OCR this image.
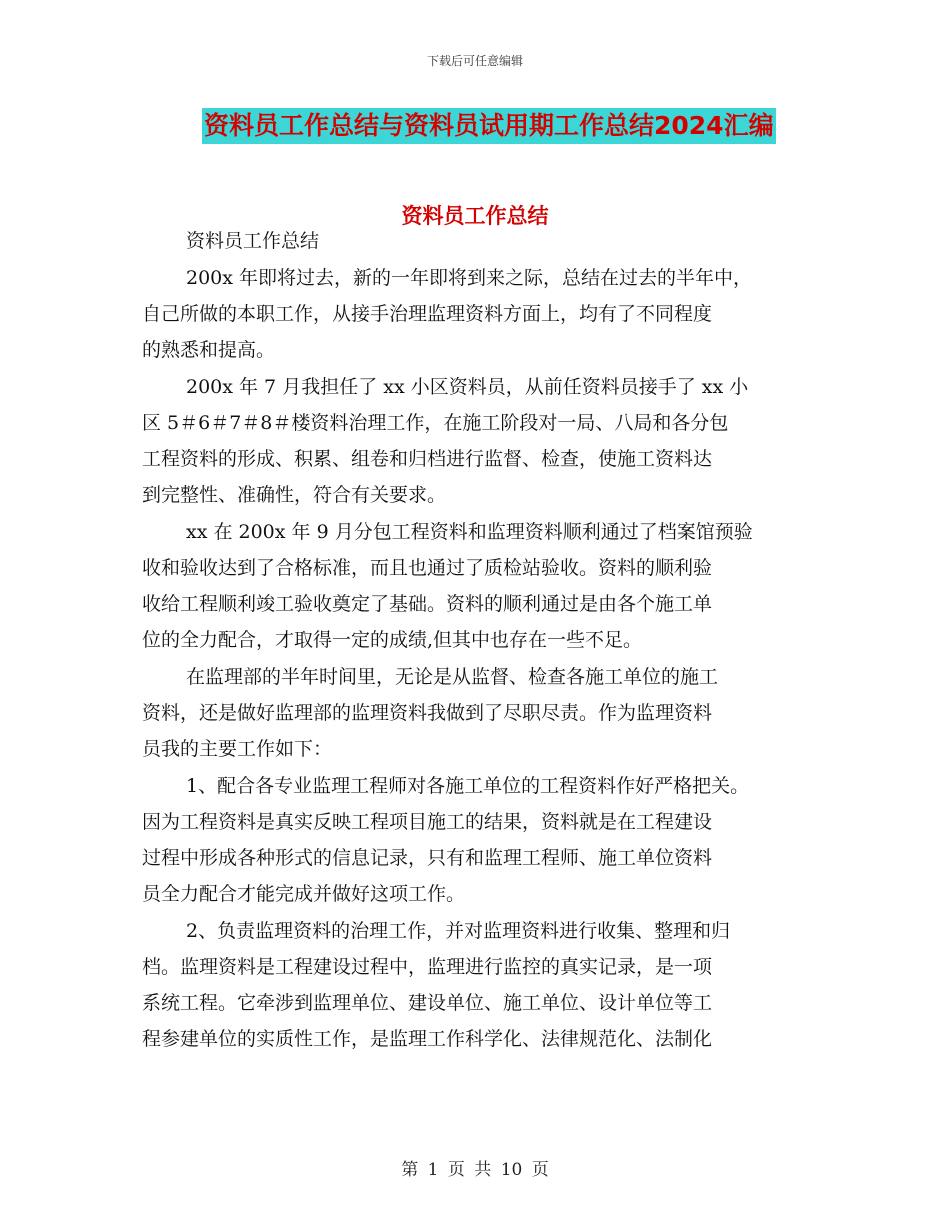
下载后可任意编辑
资料员工作总结与资料员试用期工作总结2024汇编
资料员工作总结
资料员工作总结
200x 年即将过去，新的一年即将到来之际，总结在过去的半年中，
自己所做的本职工作，从接手治理监理资料方面上，均有了不同程度
的熟悉和提高。
200x 年 7 月我担任了 xx 小区资料员，从前任资料员接手了 xx 小
区 5＃6＃7＃8＃楼资料治理工作，在施工阶段对一局、八局和各分包
工程资料的形成、积累、组卷和归档进行监督、检查，使施工资料达
到完整性、准确性，符合有关要求。
xx 在 200x 年 9 月分包工程资料和监理资料顺利通过了档案馆预验
收和验收达到了合格标准，而且也通过了质检站验收。资料的顺利验
收给工程顺利竣工验收奠定了基础。资料的顺利通过是由各个施工单
位的全力配合，才取得一定的成绩,但其中也存在一些不足。
在监理部的半年时间里，无论是从监督、检查各施工单位的施工
资料，还是做好监理部的监理资料我做到了尽职尽责。作为监理资料
员我的主要工作如下：
1、配合各专业监理工程师对各施工单位的工程资料作好严格把关。
因为工程资料是真实反映工程项目施工的结果，资料就是在工程建设
过程中形成各种形式的信息记录，只有和监理工程师、施工单位资料
员全力配合才能完成并做好这项工作。
2、负责监理资料的治理工作，并对监理资料进行收集、整理和归
档。监理资料是工程建设过程中，监理进行监控的真实记录，是一项
系统工程。它牵涉到监理单位、建设单位、施工单位、设计单位等工
程参建单位的实质性工作，是监理工作科学化、法律规范化、法制化
第 1 页 共 10 页
